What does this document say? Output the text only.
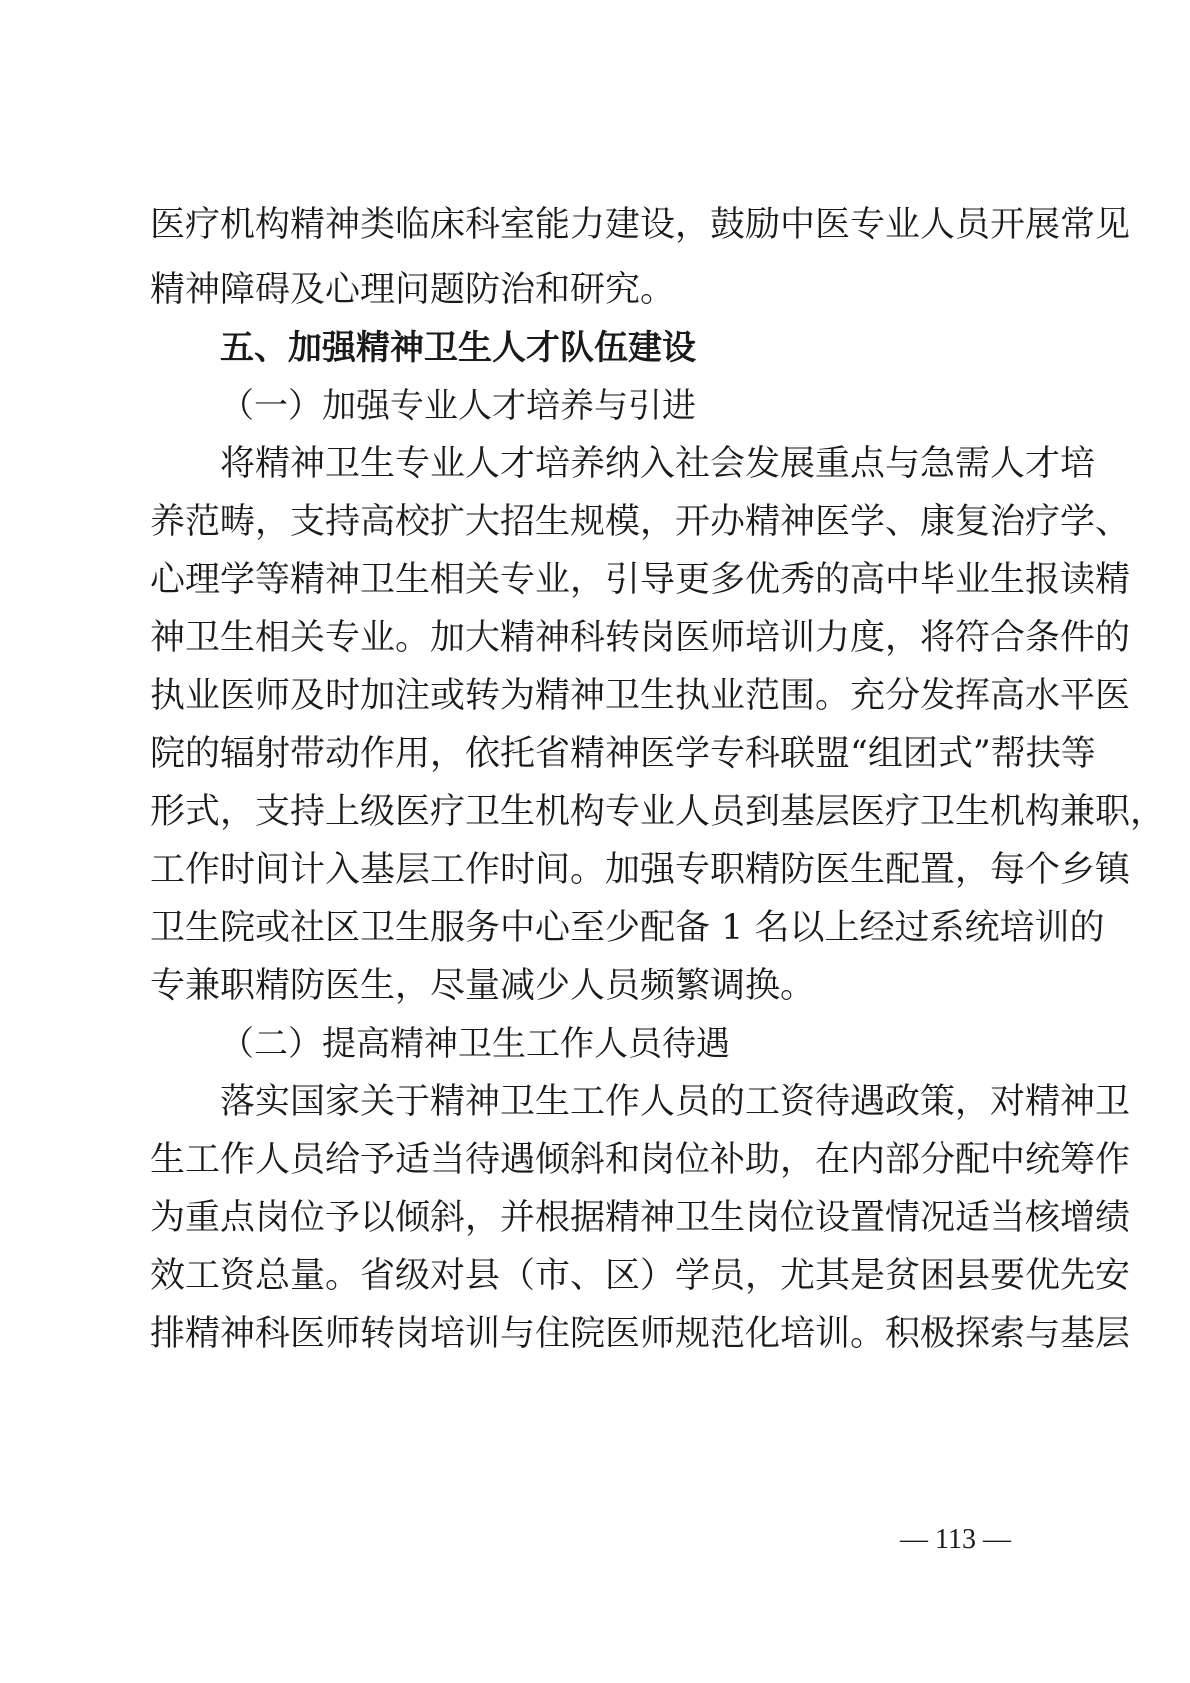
医疗机构精神类临床科室能力建设，鼓励中医专业人员开展常见
精神障碍及心理问题防治和研究。
五、加强精神卫生人才队伍建设
（一）加强专业人才培养与引进
将精神卫生专业人才培养纳入社会发展重点与急需人才培
养范畴，支持高校扩大招生规模，开办精神医学、康复治疗学、
心理学等精神卫生相关专业，引导更多优秀的高中毕业生报读精
神卫生相关专业。加大精神科转岗医师培训力度，将符合条件的
执业医师及时加注或转为精神卫生执业范围。充分发挥高水平医
院的辐射带动作用，依托省精神医学专科联盟“组团式”帮扶等
形式，支持上级医疗卫生机构专业人员到基层医疗卫生机构兼职，
工作时间计入基层工作时间。加强专职精防医生配置，每个乡镇
卫生院或社区卫生服务中心至少配备 1 名以上经过系统培训的
专兼职精防医生，尽量减少人员频繁调换。
（二）提高精神卫生工作人员待遇
落实国家关于精神卫生工作人员的工资待遇政策，对精神卫
生工作人员给予适当待遇倾斜和岗位补助，在内部分配中统筹作
为重点岗位予以倾斜，并根据精神卫生岗位设置情况适当核增绩
效工资总量。省级对县（市、区）学员，尤其是贫困县要优先安
排精神科医师转岗培训与住院医师规范化培训。积极探索与基层
— 113 —
